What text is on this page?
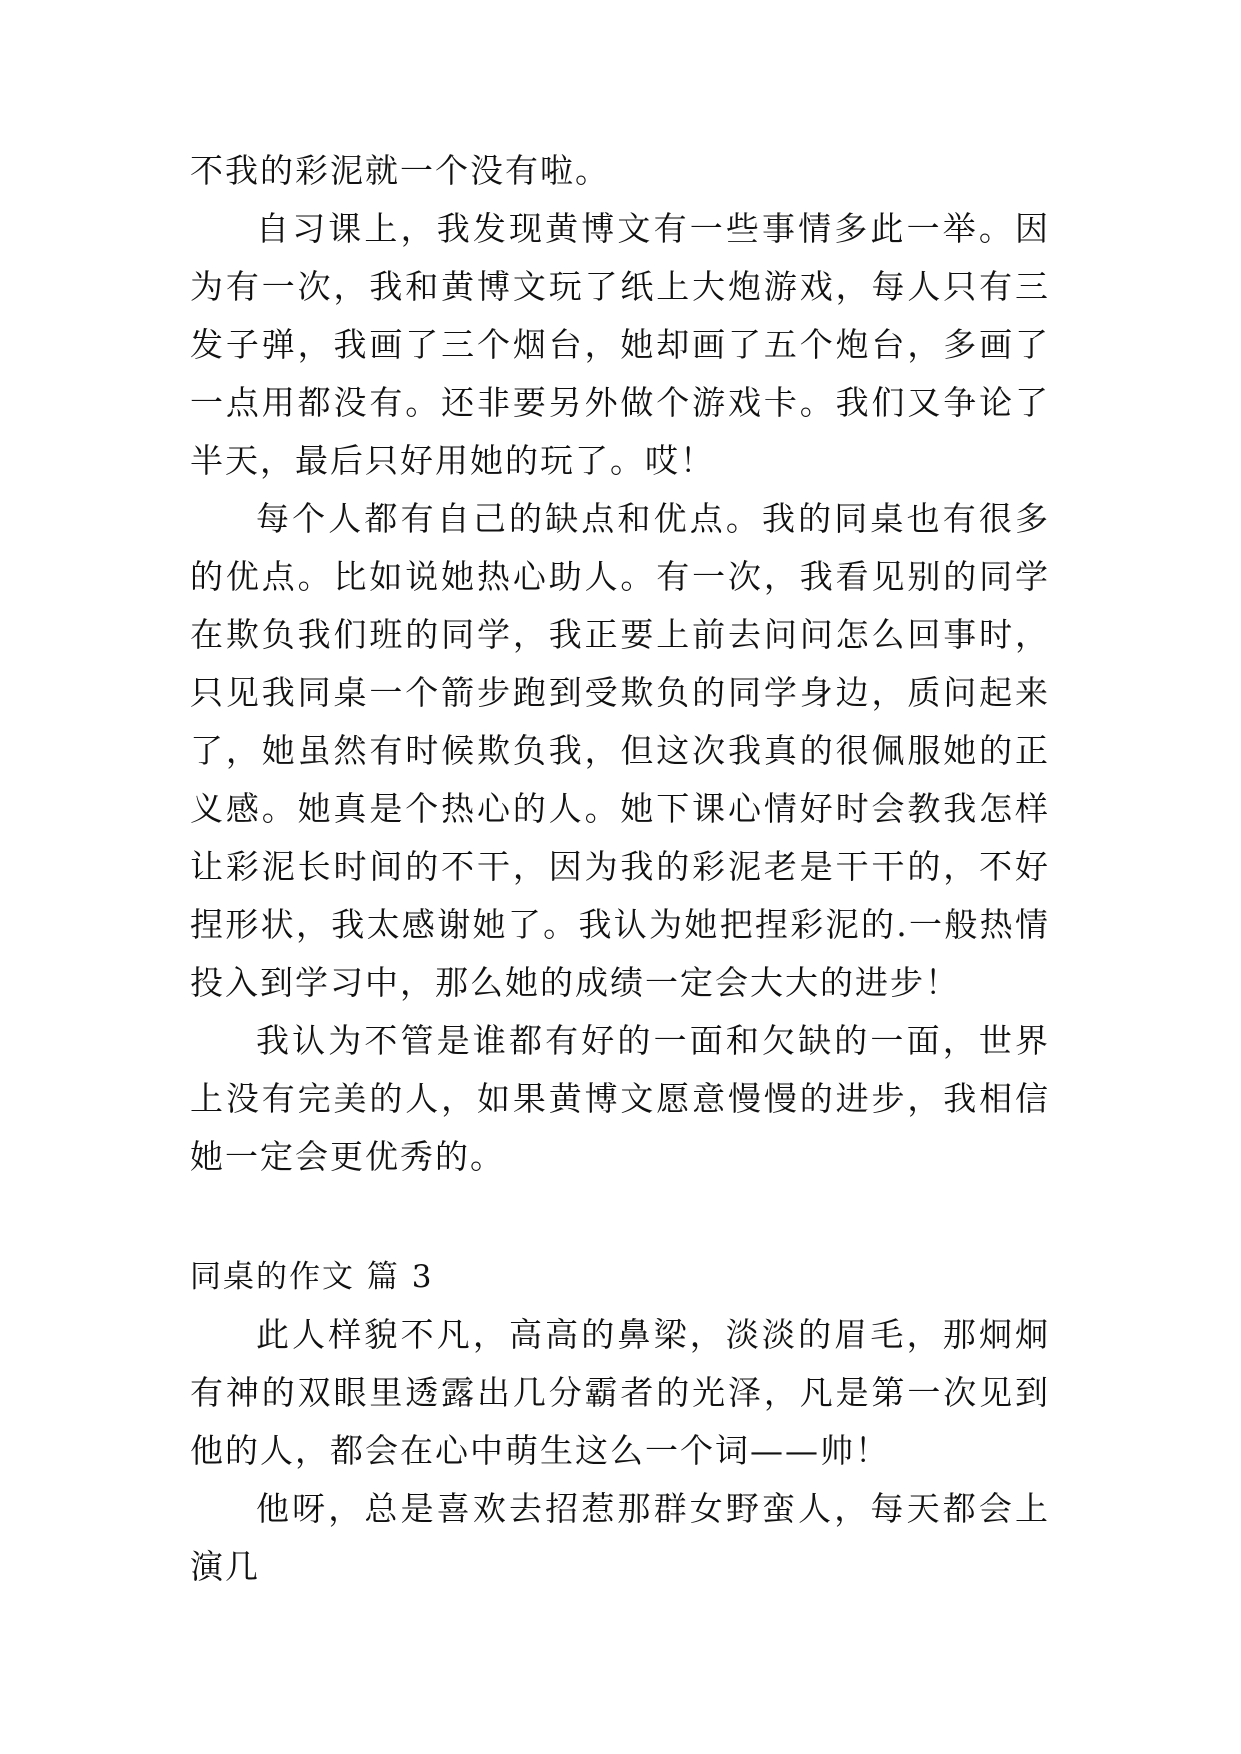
不我的彩泥就一个没有啦。

自习课上，我发现黄博文有一些事情多此一举。因为有一次，我和黄博文玩了纸上大炮游戏，每人只有三发子弹，我画了三个烟台，她却画了五个炮台，多画了一点用都没有。还非要另外做个游戏卡。我们又争论了半天，最后只好用她的玩了。哎！

每个人都有自己的缺点和优点。我的同桌也有很多的优点。比如说她热心助人。有一次，我看见别的同学在欺负我们班的同学，我正要上前去问问怎么回事时，只见我同桌一个箭步跑到受欺负的同学身边，质问起来了，她虽然有时候欺负我，但这次我真的很佩服她的正义感。她真是个热心的人。她下课心情好时会教我怎样让彩泥长时间的不干，因为我的彩泥老是干干的，不好捏形状，我太感谢她了。我认为她把捏彩泥的.一般热情投入到学习中，那么她的成绩一定会大大的进步！

我认为不管是谁都有好的一面和欠缺的一面，世界上没有完美的人，如果黄博文愿意慢慢的进步，我相信她一定会更优秀的。

同桌的作文 篇 3

此人样貌不凡，高高的鼻梁，淡淡的眉毛，那炯炯有神的双眼里透露出几分霸者的光泽，凡是第一次见到他的人，都会在心中萌生这么一个词——帅！

他呀，总是喜欢去招惹那群女野蛮人，每天都会上演几
